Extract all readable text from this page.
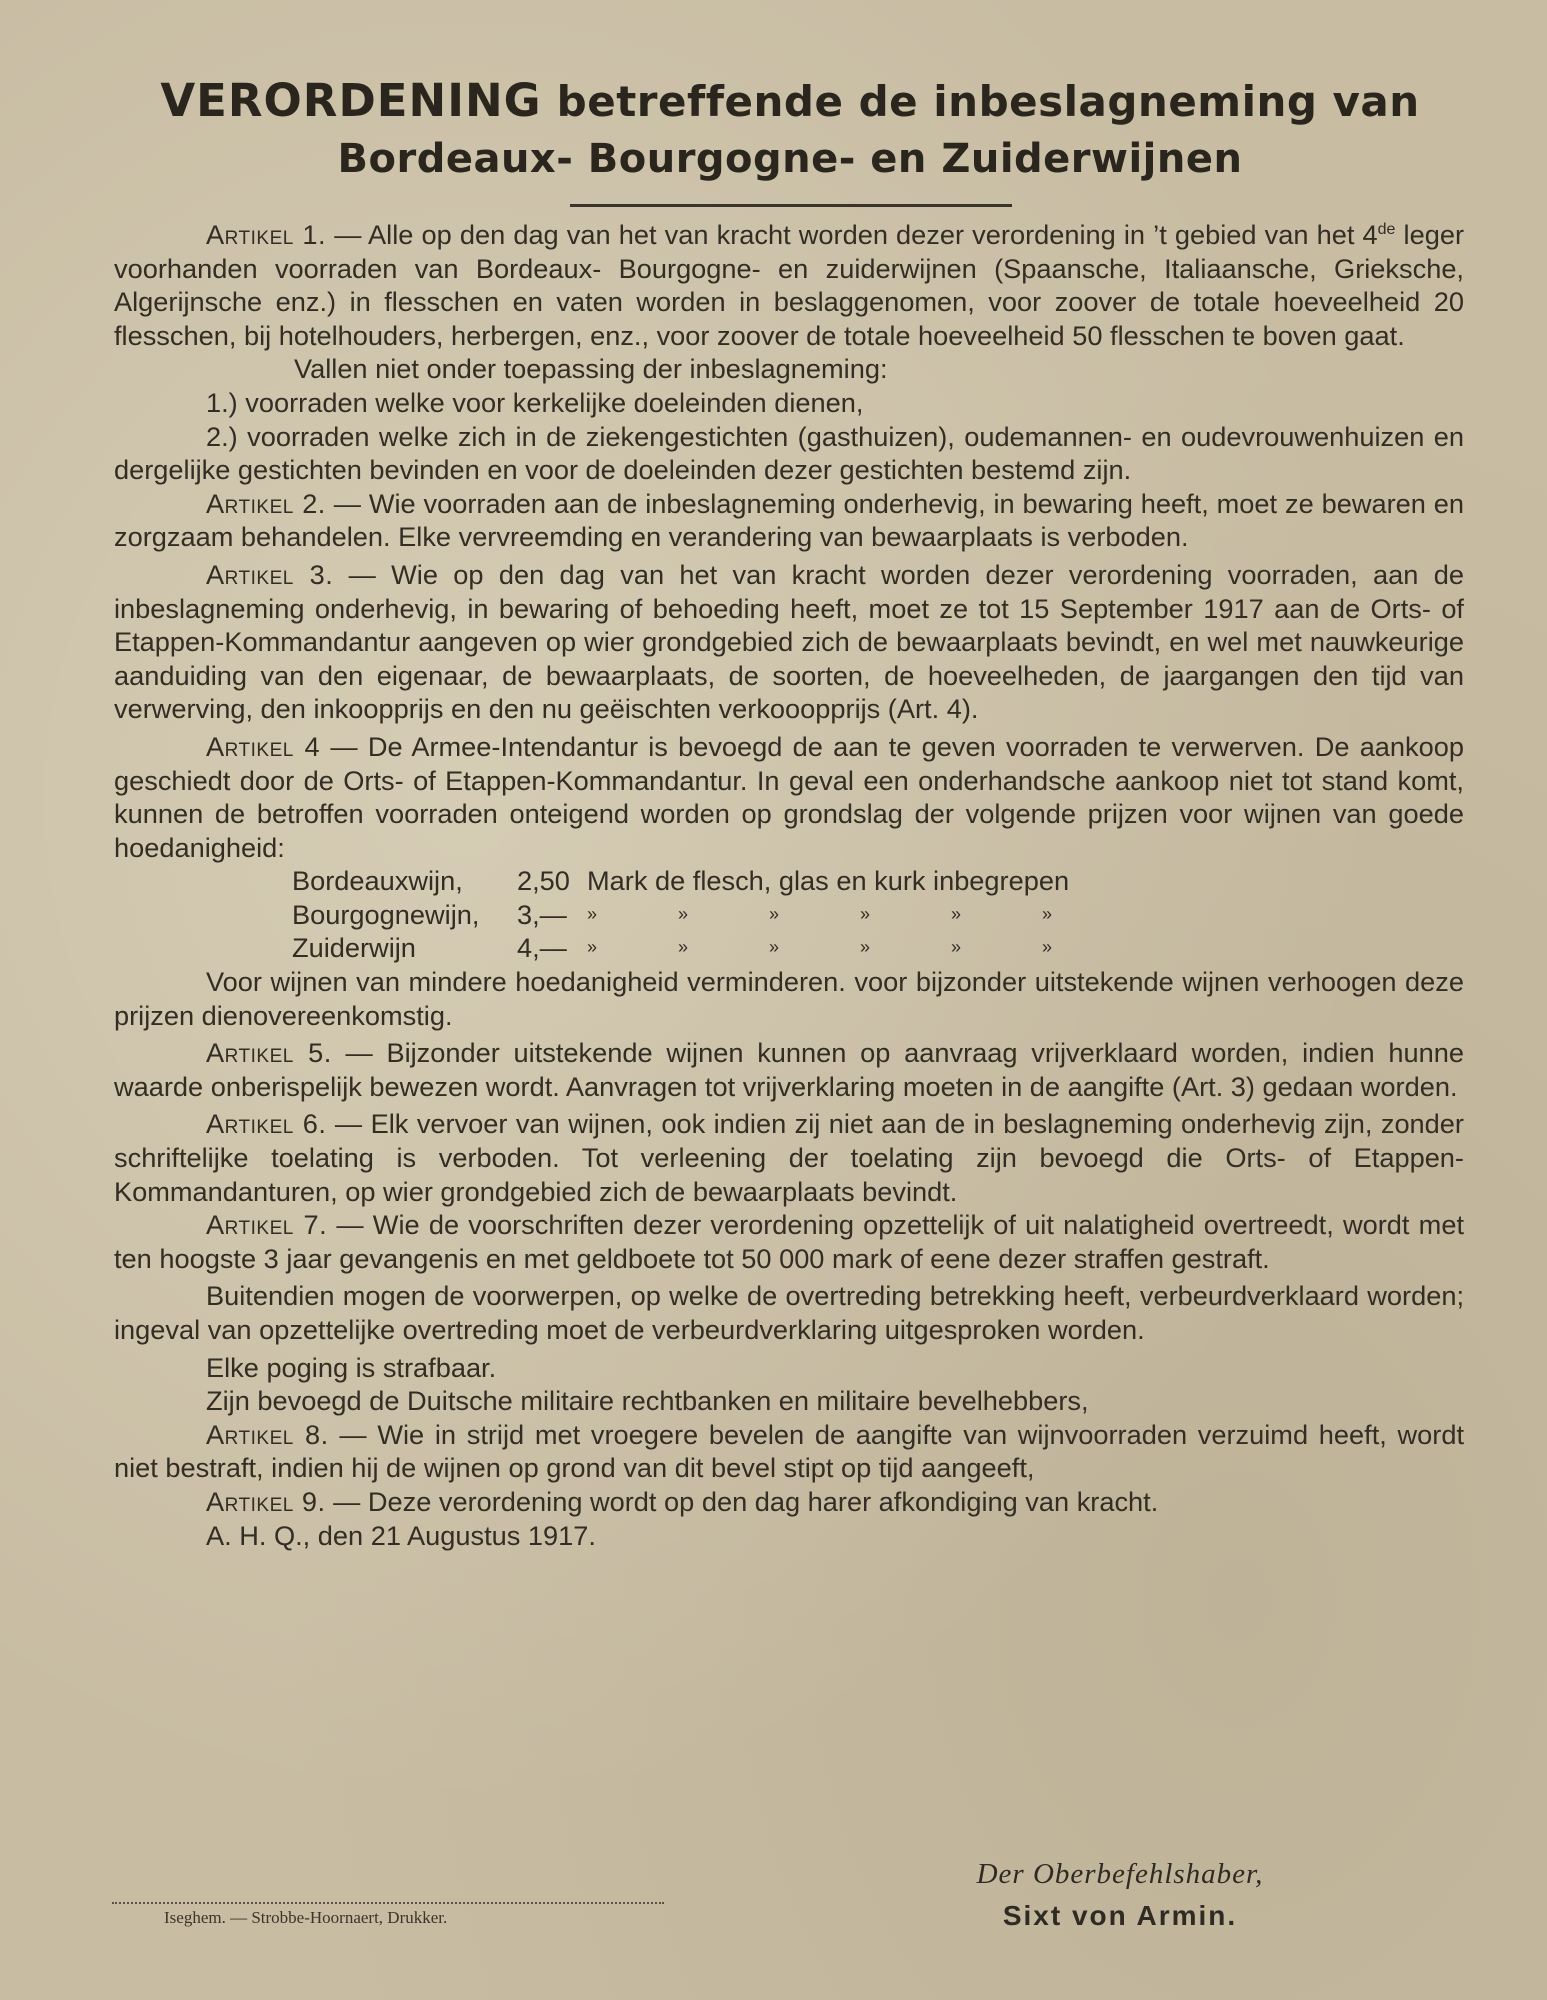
VERORDENING betreffende de inbeslagneming van
Bordeaux- Bourgogne- en Zuiderwijnen

Artikel 1. — Alle op den dag van het van kracht worden dezer verordening in ’t gebied van het 4de leger voorhanden voorraden van Bordeaux- Bourgogne- en zuiderwijnen (Spaansche, Italiaansche, Grieksche, Algerijnsche enz.) in flesschen en vaten worden in beslaggenomen, voor zoover de totale hoeveelheid 20 flesschen, bij hotelhouders, herbergen, enz., voor zoover de totale hoeveelheid 50 flesschen te boven gaat.

Vallen niet onder toepassing der inbeslagneming:

1.) voorraden welke voor kerkelijke doeleinden dienen,

2.) voorraden welke zich in de ziekengestichten (gasthuizen), oudemannen- en oudevrouwenhuizen en dergelijke gestichten bevinden en voor de doeleinden dezer gestichten bestemd zijn.

Artikel 2. — Wie voorraden aan de inbeslagneming onderhevig, in bewaring heeft, moet ze bewaren en zorgzaam behandelen. Elke vervreemding en verandering van bewaarplaats is verboden.

Artikel 3. — Wie op den dag van het van kracht worden dezer verordening voorraden, aan de inbeslagneming onderhevig, in bewaring of behoeding heeft, moet ze tot 15 September 1917 aan de Orts- of Etappen-Kommandantur aangeven op wier grondgebied zich de bewaarplaats bevindt, en wel met nauwkeurige aanduiding van den eigenaar, de bewaarplaats, de soorten, de hoeveelheden, de jaargangen den tijd van verwerving, den inkoopprijs en den nu geëischten verkooopprijs (Art. 4).

Artikel 4 — De Armee-Intendantur is bevoegd de aan te geven voorraden te verwerven. De aankoop geschiedt door de Orts- of Etappen-Kommandantur. In geval een onderhandsche aankoop niet tot stand komt, kunnen de betroffen voorraden onteigend worden op grondslag der volgende prijzen voor wijnen van goede hoedanigheid:

Bordeauxwijn,	2,50 Mark de flesch, glas en kurk inbegrepen
Bourgognewijn,	3,—	» » » » » »
Zuiderwijn	4,—	» » » » » »

Voor wijnen van mindere hoedanigheid verminderen. voor bijzonder uitstekende wijnen verhoogen deze prijzen dienovereenkomstig.

Artikel 5. — Bijzonder uitstekende wijnen kunnen op aanvraag vrijverklaard worden, indien hunne waarde onberispelijk bewezen wordt. Aanvragen tot vrijverklaring moeten in de aangifte (Art. 3) gedaan worden.

Artikel 6. — Elk vervoer van wijnen, ook indien zij niet aan de in beslagneming onderhevig zijn, zonder schriftelijke toelating is verboden. Tot verleening der toelating zijn bevoegd die Orts- of Etappen- Kommandanturen, op wier grondgebied zich de bewaarplaats bevindt.

Artikel 7. — Wie de voorschriften dezer verordening opzettelijk of uit nalatigheid overtreedt, wordt met ten hoogste 3 jaar gevangenis en met geldboete tot 50 000 mark of eene dezer straffen gestraft.

Buitendien mogen de voorwerpen, op welke de overtreding betrekking heeft, verbeurdverklaard worden; ingeval van opzettelijke overtreding moet de verbeurdverklaring uitgesproken worden.

Elke poging is strafbaar.

Zijn bevoegd de Duitsche militaire rechtbanken en militaire bevelhebbers,

Artikel 8. — Wie in strijd met vroegere bevelen de aangifte van wijnvoorraden verzuimd heeft, wordt niet bestraft, indien hij de wijnen op grond van dit bevel stipt op tijd aangeeft,

Artikel 9. — Deze verordening wordt op den dag harer afkondiging van kracht.

A. H. Q., den 21 Augustus 1917.

Der Oberbefehlshaber,
Sixt von Armin.
Iseghem. — Strobbe-Hoornaert, Drukker.
